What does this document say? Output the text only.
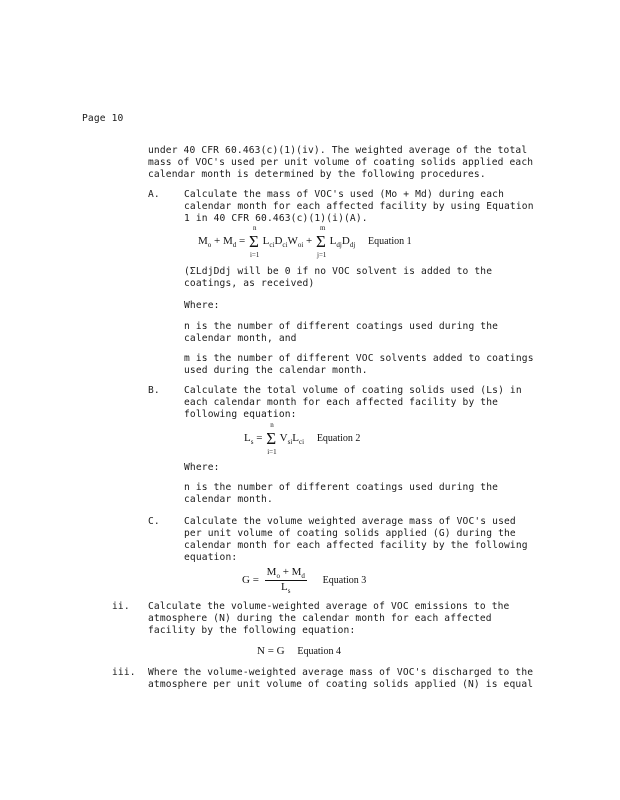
Page 10
under 40 CFR 60.463(c)(1)(iv). The weighted average of the total
mass of VOC's used per unit volume of coating solids applied each
calendar month is determined by the following procedures.
A.	Calculate the mass of VOC's used (Mo + Md) during each
calendar month for each affected facility by using Equation
1 in 40 CFR 60.463(c)(1)(i)(A).
$M_o + M_d$ =
n
Σ
i=1
$L_{ci}D_{ci}W_{oi}$ +
m
Σ
j=1
$L_{dj}D_{dj}$ Equation 1
(ΣLdjDdj will be 0 if no VOC solvent is added to the
coatings, as received)
Where:
n is the number of different coatings used during the
calendar month, and
m is the number of different VOC solvents added to coatings
used during the calendar month.
B.	Calculate the total volume of coating solids used (Ls) in
each calendar month for each affected facility by the
following equation:
$L_s$ =
n
Σ
i=1
$V_{si}L_{ci}$ Equation 2
Where:
n is the number of different coatings used during the
calendar month.
C.	Calculate the volume weighted average mass of VOC's used
per unit volume of coating solids applied (G) during the
calendar month for each affected facility by the following
equation:
$G = \frac{M_o + M_d}{L_s}$ Equation 3
ii. Calculate the volume-weighted average of VOC emissions to the
atmosphere (N) during the calendar month for each affected
facility by the following equation:
N = G Equation 4
iii. Where the volume-weighted average mass of VOC's discharged to the
atmosphere per unit volume of coating solids applied (N) is equal
